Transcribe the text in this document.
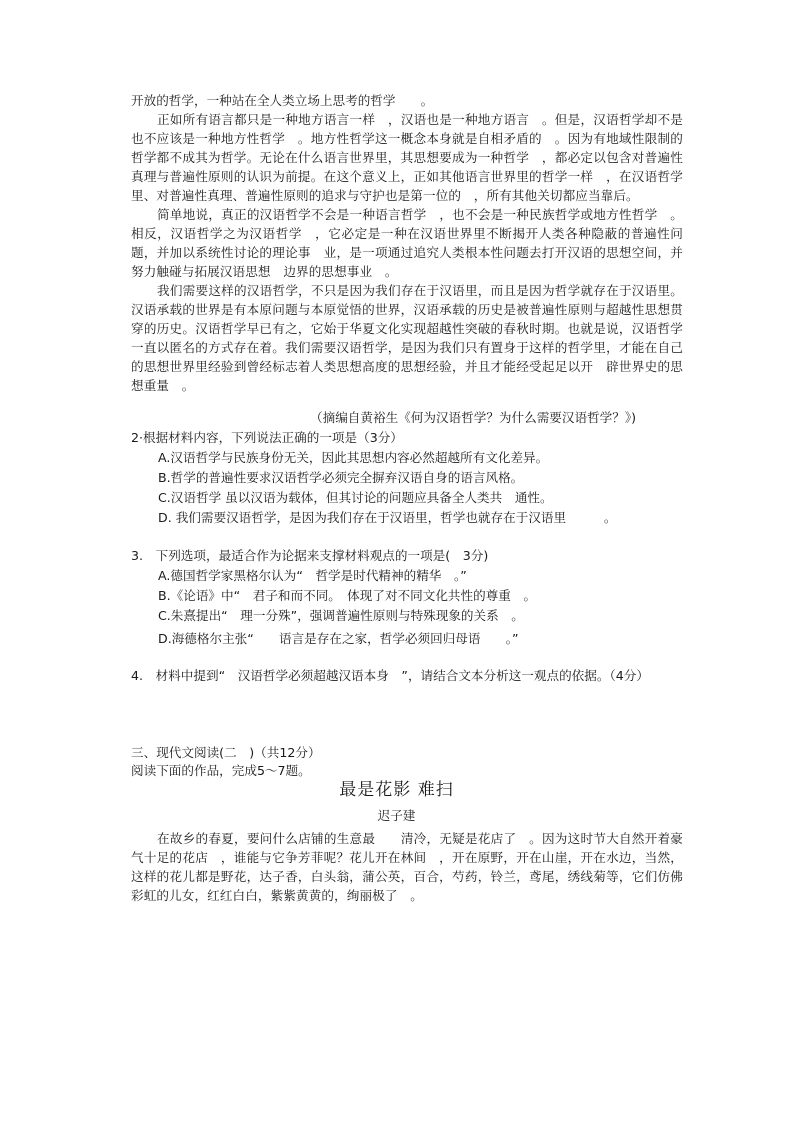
开放的哲学，一种站在全人类立场上思考的哲学　　。

正如所有语言都只是一种地方语言一样　，汉语也是一种地方语言　。但是，汉语哲学却不是也不应该是一种地方性哲学　。地方性哲学这一概念本身就是自相矛盾的　。因为有地域性限制的哲学都不成其为哲学。无论在什么语言世界里，其思想要成为一种哲学　，都必定以包含对普遍性真理与普遍性原则的认识为前提。在这个意义上，正如其他语言世界里的哲学一样　，在汉语哲学里、对普遍性真理、普遍性原则的追求与守护也是第一位的　，所有其他关切都应当靠后。

简单地说，真正的汉语哲学不会是一种语言哲学　，也不会是一种民族哲学或地方性哲学　。相反，汉语哲学之为汉语哲学　，它必定是一种在汉语世界里不断揭开人类各种隐蔽的普遍性问题，并加以系统性讨论的理论事　业，是一项通过追究人类根本性问题去打开汉语的思想空间，并努力触碰与拓展汉语思想　边界的思想事业　。

我们需要这样的汉语哲学，不只是因为我们存在于汉语里，而且是因为哲学就存在于汉语里。汉语承载的世界是有本原问题与本原觉悟的世界，汉语承载的历史是被普遍性原则与超越性思想贯穿的历史。汉语哲学早已有之，它始于华夏文化实现超越性突破的春秋时期。也就是说，汉语哲学一直以匿名的方式存在着。我们需要汉语哲学，是因为我们只有置身于这样的哲学里，才能在自己的思想世界里经验到曾经标志着人类思想高度的思想经验，并且才能经受起足以开　辟世界史的思想重量　。

（摘编自黄裕生《何为汉语哲学？为什么需要汉语哲学？》)

2·根据材料内容，下列说法正确的一项是（3分）

A.汉语哲学与民族身份无关，因此其思想内容必然超越所有文化差异。

B.哲学的普遍性要求汉语哲学必须完全摒弃汉语自身的语言风格。

C.汉语哲学 虽以汉语为载体，但其讨论的问题应具备全人类共　通性。

D. 我们需要汉语哲学，是因为我们存在于汉语里，哲学也就存在于汉语里　　　。

3.　下列选项，最适合作为论据来支撑材料观点的一项是(　3分)

A.德国哲学家黑格尔认为“　哲学是时代精神的精华　。”

B.《论语》中“　君子和而不同。　体现了对不同文化共性的尊重　。

C.朱熹提出“　理一分殊”，强调普遍性原则与特殊现象的关系　。

D.海德格尔主张“　　语言是存在之家，哲学必须回归母语　　。”

4.　材料中提到“　汉语哲学必须超越汉语本身　”，请结合文本分析这一观点的依据。（4分）

三、现代文阅读(二　)（共12分）

阅读下面的作品，完成5～7题。

最是花影 难扫
迟子建

在故乡的春夏，要问什么店铺的生意最　　清冷，无疑是花店了　。因为这时节大自然开着豪气十足的花店　，谁能与它争芳菲呢？花儿开在林间　，开在原野，开在山崖，开在水边，当然，这样的花儿都是野花，达子香，白头翁，蒲公英，百合，芍药，铃兰，鸢尾，绣线菊等，它们仿佛彩虹的儿女，红红白白，紫紫黄黄的，绚丽极了　。
